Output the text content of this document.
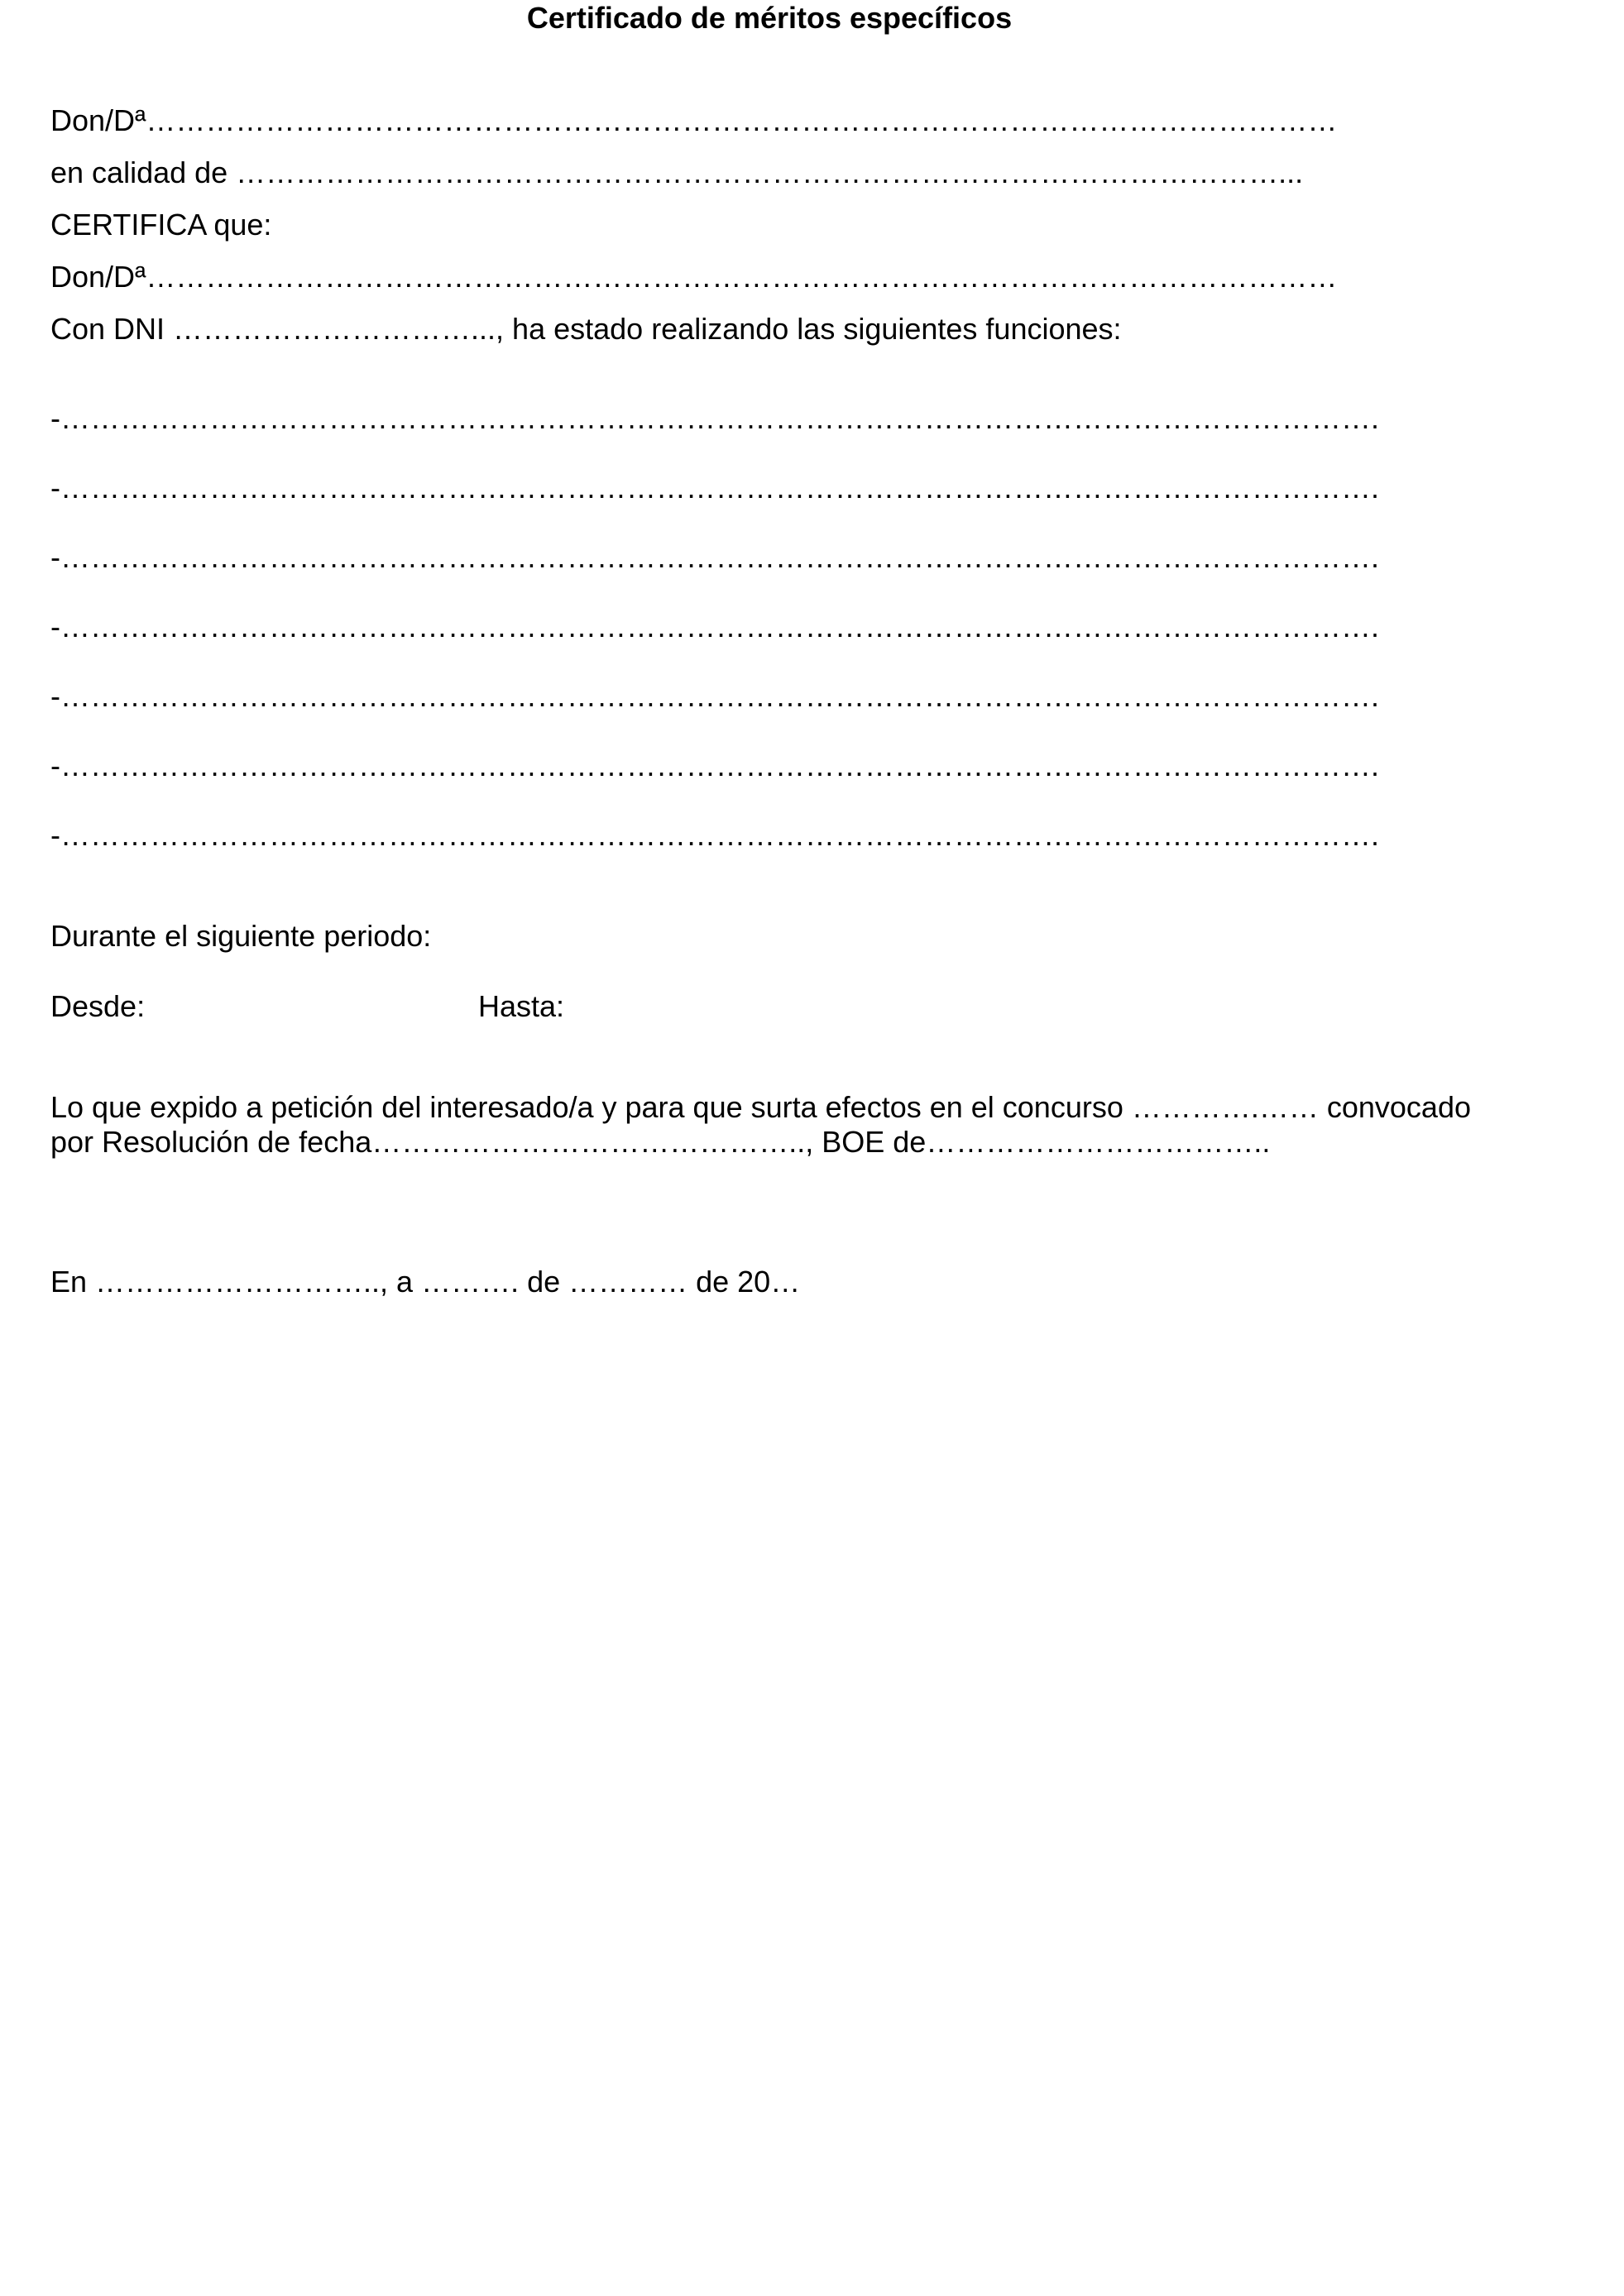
Certificado de méritos específicos
Don/Dª…………………………………………………………………………………………………………
en calidad de ……………………………………………………………………………………………...
CERTIFICA que:
Don/Dª…………………………………………………………………………………………………………
Con DNI …………………………..., ha estado realizando las siguientes funciones:
-…………………………………………………………………………………………………………………….
-…………………………………………………………………………………………………………………….
-…………………………………………………………………………………………………………………….
-…………………………………………………………………………………………………………………….
-…………………………………………………………………………………………………………………….
-…………………………………………………………………………………………………………………….
-…………………………………………………………………………………………………………………….
Durante el siguiente periodo:
Desde:	Hasta:
Lo que expido a petición del interesado/a y para que surta efectos en el concurso ………….…… convocado
por Resolución de fecha…………………………………….., BOE de……………………………..
En ……………………….., a ………. de ………… de 20…
